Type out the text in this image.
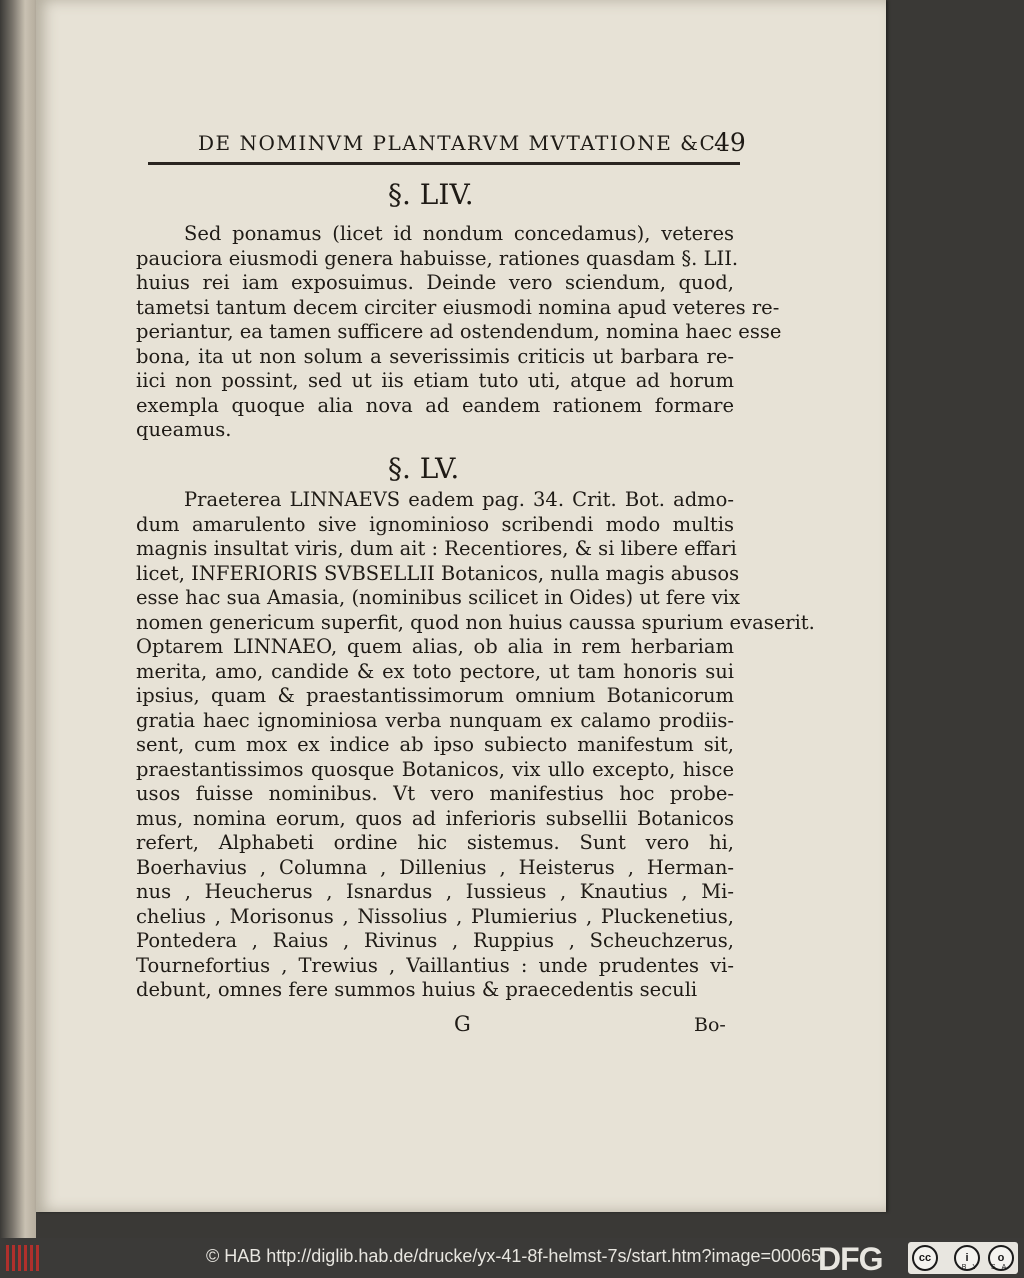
DE NOMINVM PLANTARVM MVTATIONE &C.
49
§. LIV.
Sed ponamus (licet id nondum concedamus), veteres
pauciora eiusmodi genera habuisse, rationes quasdam §. LII.
huius rei iam exposuimus. Deinde vero sciendum, quod,
tametsi tantum decem circiter eiusmodi nomina apud veteres re-
periantur, ea tamen sufficere ad ostendendum, nomina haec esse
bona, ita ut non solum a severissimis criticis ut barbara re-
iici non possint, sed ut iis etiam tuto uti, atque ad horum
exempla quoque alia nova ad eandem rationem formare
queamus.
§. LV.
Praeterea LINNAEVS eadem pag. 34. Crit. Bot. admo-
dum amarulento sive ignominioso scribendi modo multis
magnis insultat viris, dum ait : Recentiores, & si libere effari
licet, INFERIORIS SVBSELLII Botanicos, nulla magis abusos
esse hac sua Amasia, (nominibus scilicet in Oides) ut fere vix
nomen genericum superfit, quod non huius caussa spurium evaserit.
Optarem LINNAEO, quem alias, ob alia in rem herbariam
merita, amo, candide & ex toto pectore, ut tam honoris sui
ipsius, quam & praestantissimorum omnium Botanicorum
gratia haec ignominiosa verba nunquam ex calamo prodiis-
sent, cum mox ex indice ab ipso subiecto manifestum sit,
praestantissimos quosque Botanicos, vix ullo excepto, hisce
usos fuisse nominibus. Vt vero manifestius hoc probe-
mus, nomina eorum, quos ad inferioris subsellii Botanicos
refert, Alphabeti ordine hic sistemus. Sunt vero hi,
Boerhavius , Columna , Dillenius , Heisterus , Herman-
nus , Heucherus , Isnardus , Iussieus , Knautius , Mi-
chelius , Morisonus , Nissolius , Plumierius , Pluckenetius,
Pontedera , Raius , Rivinus , Ruppius , Scheuchzerus,
Tournefortius , Trewius , Vaillantius : unde prudentes vi-
debunt, omnes fere summos huius & praecedentis seculi
G	Bo-
© HAB http://diglib.hab.de/drucke/yx-41-8f-helmst-7s/start.htm?image=00065
DFG	cc	i	o
BY SA
